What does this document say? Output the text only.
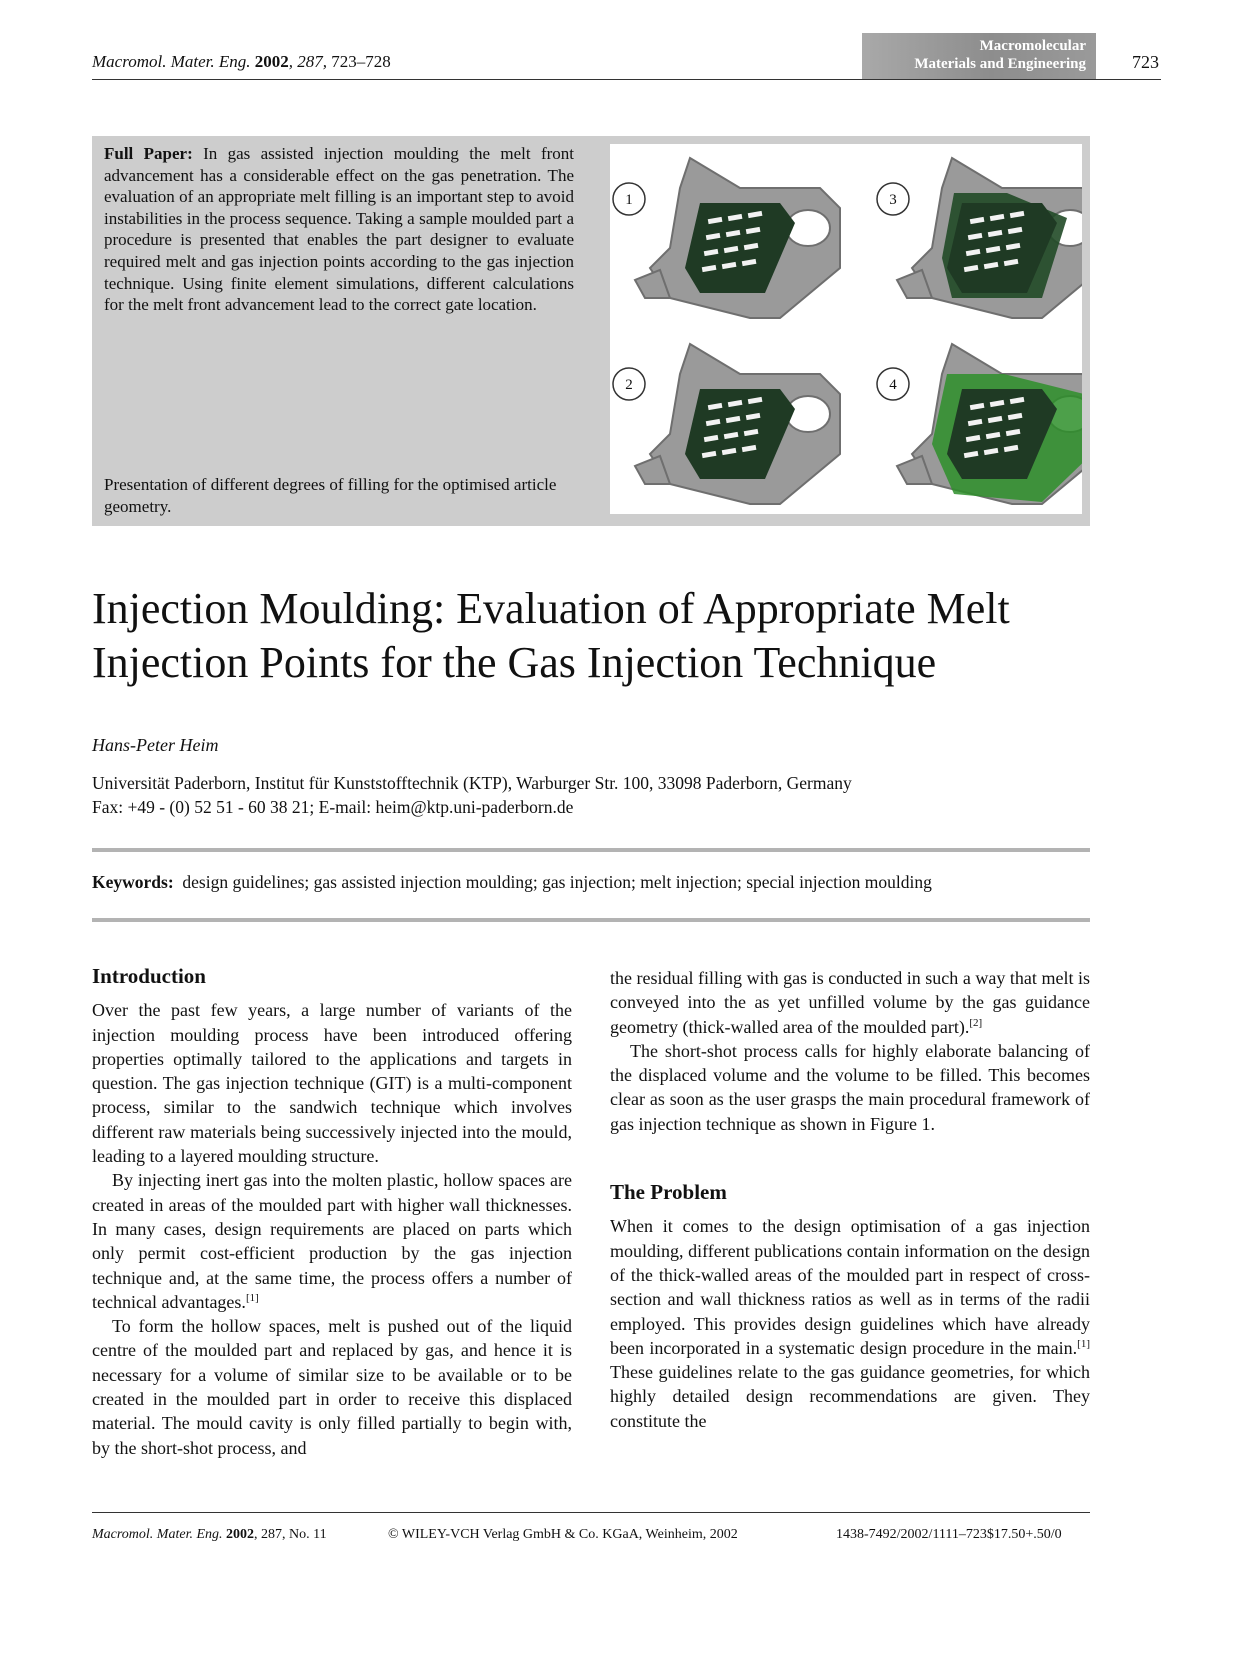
Macromol. Mater. Eng. 2002, 287, 723–728
Macromolecular
Materials and Engineering	723
Full Paper: In gas assisted injection moulding the melt front advancement has a considerable effect on the gas penetration. The evaluation of an appropriate melt filling is an important step to avoid instabilities in the process sequence. Taking a sample moulded part a procedure is presented that enables the part designer to evaluate required melt and gas injection points according to the gas injection technique. Using finite element simulations, different calculations for the melt front advancement lead to the correct gate location.
Presentation of different degrees of filling for the optimised article geometry.
1
2
3
4
Injection Moulding: Evaluation of Appropriate Melt Injection Points for the Gas Injection Technique
Hans-Peter Heim
Universität Paderborn, Institut für Kunststofftechnik (KTP), Warburger Str. 100, 33098 Paderborn, Germany
Fax: +49 - (0) 52 51 - 60 38 21; E-mail: heim@ktp.uni-paderborn.de
Keywords: design guidelines; gas assisted injection moulding; gas injection; melt injection; special injection moulding
Introduction

Over the past few years, a large number of variants of the injection moulding process have been introduced offering properties optimally tailored to the applications and targets in question. The gas injection technique (GIT) is a multi-component process, similar to the sandwich technique which involves different raw materials being successively injected into the mould, leading to a layered moulding structure.

By injecting inert gas into the molten plastic, hollow spaces are created in areas of the moulded part with higher wall thicknesses. In many cases, design requirements are placed on parts which only permit cost-efficient production by the gas injection technique and, at the same time, the process offers a number of technical advantages.[1]

To form the hollow spaces, melt is pushed out of the liquid centre of the moulded part and replaced by gas, and hence it is necessary for a volume of similar size to be available or to be created in the moulded part in order to receive this displaced material. The mould cavity is only filled partially to begin with, by the short-shot process, and

the residual filling with gas is conducted in such a way that melt is conveyed into the as yet unfilled volume by the gas guidance geometry (thick-walled area of the moulded part).[2]

The short-shot process calls for highly elaborate balancing of the displaced volume and the volume to be filled. This becomes clear as soon as the user grasps the main procedural framework of gas injection technique as shown in Figure 1.

The Problem

When it comes to the design optimisation of a gas injection moulding, different publications contain information on the design of the thick-walled areas of the moulded part in respect of cross-section and wall thickness ratios as well as in terms of the radii employed. This provides design guidelines which have already been incorporated in a systematic design procedure in the main.[1] These guidelines relate to the gas guidance geometries, for which highly detailed design recommendations are given. They constitute the

Macromol. Mater. Eng. 2002, 287, No. 11	© WILEY-VCH Verlag GmbH & Co. KGaA, Weinheim, 2002	1438-7492/2002/1111–723$17.50+.50/0
